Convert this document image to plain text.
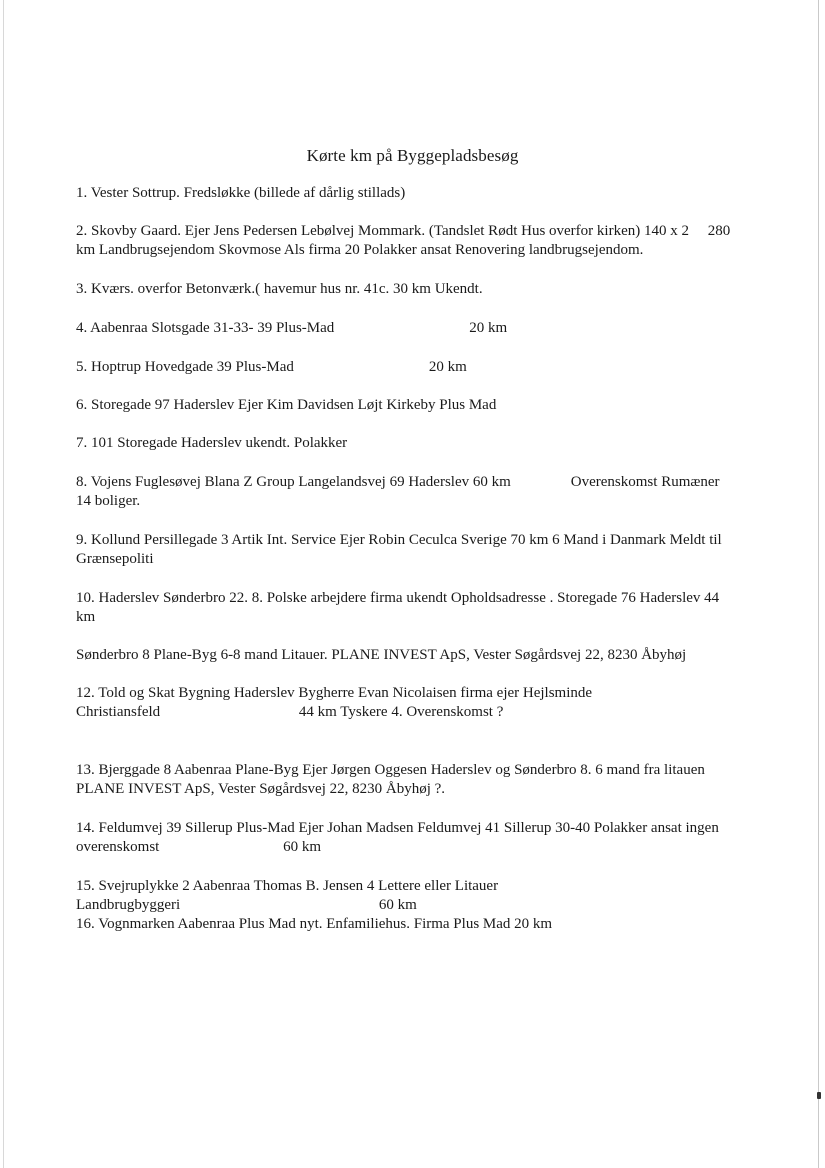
Kørte km på Byggepladsbesøg

1. Vester Sottrup. Fredsløkke (billede af dårlig stillads)

2. Skovby Gaard. Ejer Jens Pedersen Lebølvej Mommark. (Tandslet Rødt Hus overfor kirken) 140 x 2  280 km Landbrugsejendom Skovmose Als firma 20 Polakker ansat Renovering landbrugsejendom.

3. Kværs. overfor Betonværk.( havemur hus nr. 41c. 30 km Ukendt.

4. Aabenraa Slotsgade 31-33- 39 Plus-Mad         20 km

5. Hoptrup Hovedgade 39 Plus-Mad         20 km

6. Storegade 97 Haderslev Ejer Kim Davidsen Løjt Kirkeby Plus Mad

7. 101 Storegade Haderslev ukendt. Polakker

8. Vojens Fuglesøvej Blana Z Group Langelandsvej 69 Haderslev 60 km    Overenskomst Rumæner 14 boliger.

9. Kollund Persillegade 3 Artik Int. Service Ejer Robin Ceculca Sverige 70 km 6 Mand i Danmark Meldt til Grænsepoliti

10. Haderslev Sønderbro 22. 8. Polske arbejdere firma ukendt Opholdsadresse . Storegade 76 Haderslev 44 km

Sønderbro 8 Plane-Byg 6-8 mand Litauer. PLANE INVEST ApS, Vester Søgårdsvej 22, 8230 Åbyhøj

12. Told og Skat Bygning Haderslev Bygherre Evan Nicolaisen firma ejer Hejlsminde Christiansfeld          44 km Tyskere 4. Overenskomst ?

13. Bjerggade 8 Aabenraa Plane-Byg Ejer Jørgen Oggesen Haderslev og Sønderbro 8. 6 mand fra litauen PLANE INVEST ApS, Vester Søgårdsvej 22, 8230 Åbyhøj ?.

14. Feldumvej 39 Sillerup Plus-Mad Ejer Johan Madsen Feldumvej 41 Sillerup 30-40 Polakker ansat ingen overenskomst         60 km

15. Svejruplykke 2 Aabenraa Thomas B. Jensen 4 Lettere eller Litauer Landbrugbyggeri              60 km

16. Vognmarken Aabenraa Plus Mad nyt. Enfamiliehus. Firma Plus Mad 20 km
